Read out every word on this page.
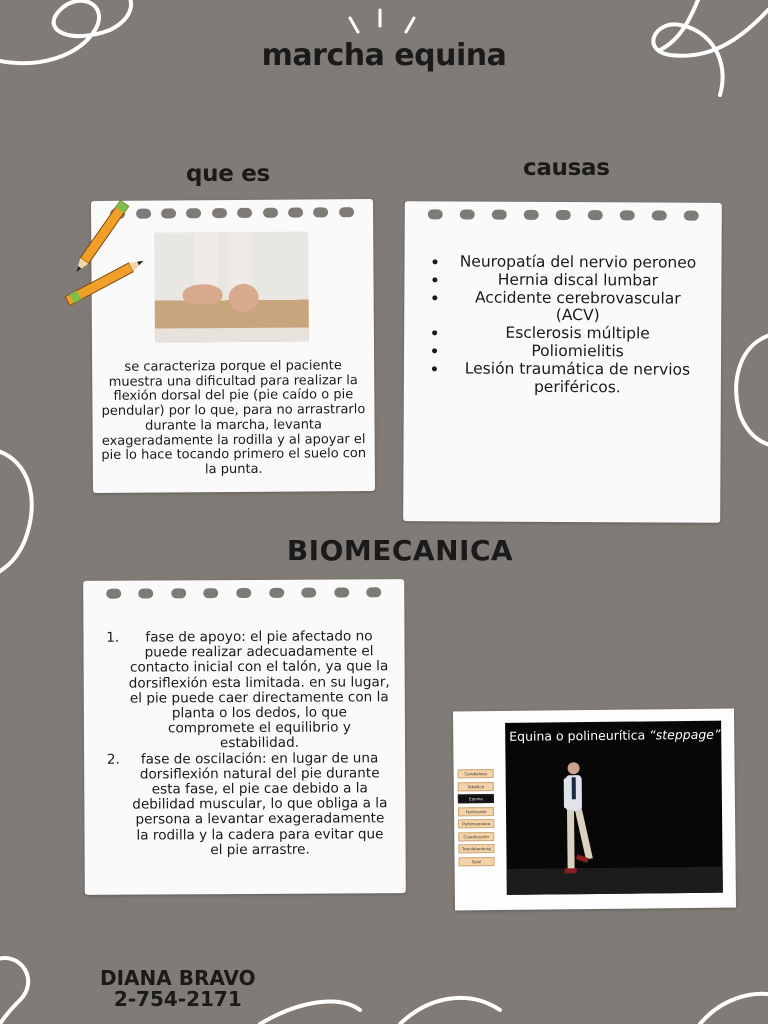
marcha equina
que es	causas

se caracteriza porque el paciente muestra una dificultad para realizar la flexión dorsal del pie (pie caído o pie pendular) por lo que, para no arrastrarlo durante la marcha, levanta exageradamente la rodilla y al apoyar el pie lo hace tocando primero el suelo con la punta.

• Neuropatía del nervio peroneo
• Hernia discal lumbar
• Accidente cerebrovascular (ACV)
• Esclerosis múltiple
• Poliomielitis
• Lesión traumática de nervios periféricos.
BIOMECANICA
1. fase de apoyo: el pie afectado no puede realizar adecuadamente el contacto inicial con el talón, ya que la dorsiflexión esta limitada. en su lugar, el pie puede caer directamente con la planta o los dedos, lo que compromete el equilibrio y estabilidad.
2. fase de oscilación: en lugar de una dorsiflexión natural del pie durante esta fase, el pie cae debido a la debilidad muscular, lo que obliga a la persona a levantar exageradamente la rodilla y la cadera para evitar que el pie arrastre.
Cerebelosa
Tabética
Equina
Festinante
Parkinsoniana
Claudicación
Trendelenburg
Senil
Equina o polineurítica “steppage”
DIANA BRAVO
2-754-2171
